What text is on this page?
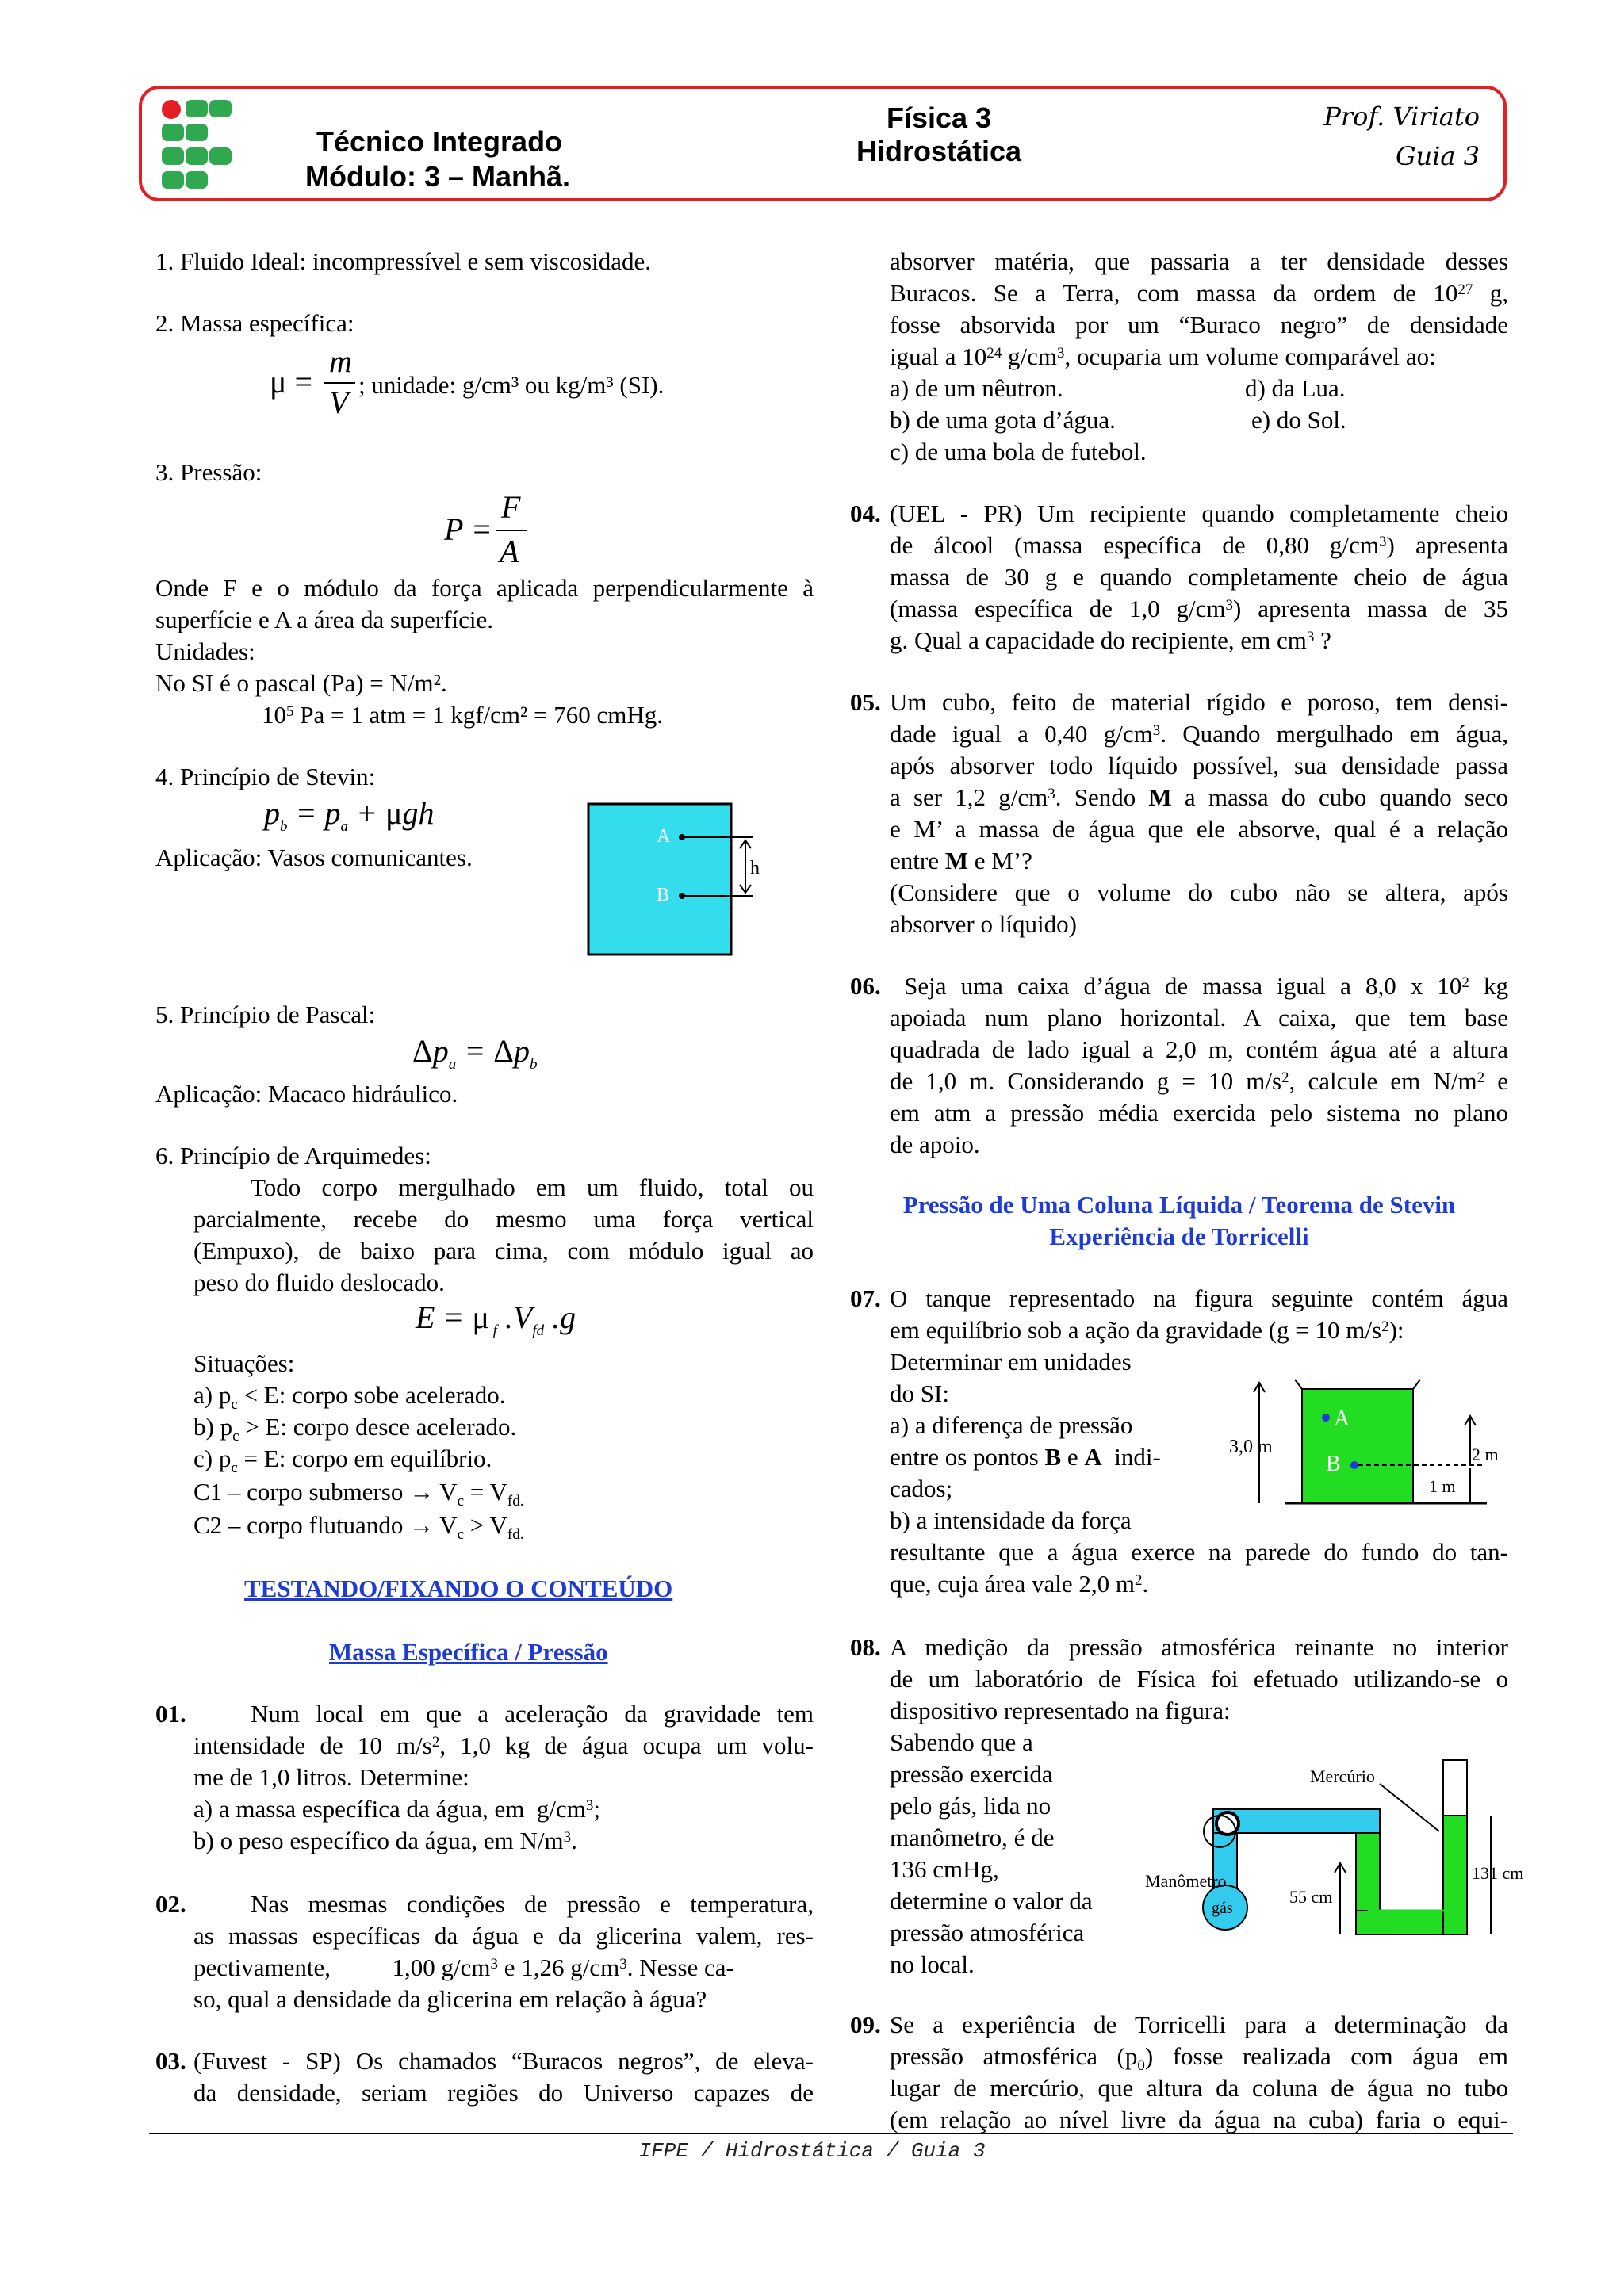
Técnico Integrado
Módulo: 3 – Manhã.
Física 3
Hidrostática
Prof. Viriato
Guia 3
1. Fluido Ideal: incompressível e sem viscosidade.
2. Massa específica:
μ =
m
V ; unidade: g/cm³ ou kg/m³ (SI).
3. Pressão:
P =
F
A
Onde F e o módulo da força aplicada perpendicularmente à
superfície e A a área da superfície.
Unidades:
No SI é o pascal (Pa) = N/m².
$10^5$ Pa = 1 atm = 1 kgf/cm² = 760 cmHg.
4. Princípio de Stevin:
$p_b = p_a + \mu gh$
Aplicação: Vasos comunicantes.
A
B
h
5. Princípio de Pascal:
$\Delta p_a = \Delta p_b$
Aplicação: Macaco hidráulico.
6. Princípio de Arquimedes:
Todo corpo mergulhado em um fluido, total ou
parcialmente, recebe do mesmo uma força vertical
(Empuxo), de baixo para cima, com módulo igual ao
peso do fluido deslocado.
E = μ $_f$ $.V_{fd}$ .g
Situações:
a) $p_c < E$: corpo sobe acelerado.
b) $p_c > E$: corpo desce acelerado.
c) $p_c = E$: corpo em equilíbrio.
C1 – corpo submerso → $V_c = V_{fd.}$
C2 – corpo flutuando → $V_c > V_{fd.}$
TESTANDO/FIXANDO O CONTEÚDO
Massa Específica / Pressão
01.	Num local em que a aceleração da gravidade tem
intensidade de 10 $m/s^2$, 1,0 kg de água ocupa um volu-
me de 1,0 litros. Determine:
a) a massa específica da água, em  $g/cm^3$;
b) o peso específico da água, em $N/m^3$.
02.	Nas mesmas condições de pressão e temperatura,
as massas específicas da água e da glicerina valem, res-
pectivamente,          1,00 $g/cm^3$ e 1,26 $g/cm^3$. Nesse ca-
so, qual a densidade da glicerina em relação à água?
03. (Fuvest - SP) Os chamados “Buracos negros”, de eleva-
da densidade, seriam regiões do Universo capazes de
absorver matéria, que passaria a ter densidade desses
Buracos. Se a Terra, com massa da ordem de $10^{27}$ g,
fosse absorvida por um “Buraco negro” de densidade
igual a $10^{24}$ $g/cm^3$, ocuparia um volume comparável ao:
a) de um nêutron.	d) da Lua.
b) de uma gota d’água.	e) do Sol.
c) de uma bola de futebol.
04. (UEL - PR) Um recipiente quando completamente cheio
de álcool (massa específica de 0,80 $g/cm^3$) apresenta
massa de 30 g e quando completamente cheio de água
(massa específica de 1,0 $g/cm^3$) apresenta massa de 35
g. Qual a capacidade do recipiente, em $cm^3$ ?
05. Um cubo, feito de material rígido e poroso, tem densi-
dade igual a 0,40 $g/cm^3$. Quando mergulhado em água,
após absorver todo líquido possível, sua densidade passa
a ser 1,2 $g/cm^3$. Sendo M a massa do cubo quando seco
e M’ a massa de água que ele absorve, qual é a relação
entre M e M’?
(Considere que o volume do cubo não se altera, após
absorver o líquido)
06. Seja uma caixa d’água de massa igual a 8,0 x $10^2$ kg
apoiada num plano horizontal. A caixa, que tem base
quadrada de lado igual a 2,0 m, contém água até a altura
de 1,0 m. Considerando g = 10 $m/s^2$, calcule em $N/m^2$ e
em atm a pressão média exercida pelo sistema no plano
de apoio.
Pressão de Uma Coluna Líquida / Teorema de Stevin
Experiência de Torricelli
07. O tanque representado na figura seguinte contém água
em equilíbrio sob a ação da gravidade (g = 10 $m/s^2$):
Determinar em unidades
do SI:
a) a diferença de pressão
entre os pontos B e A  indi-
cados;
b) a intensidade da força
resultante que a água exerce na parede do fundo do tan-
que, cuja área vale 2,0 $m^2$.
A
B
3,0 m	2 m
1 m
08. A medição da pressão atmosférica reinante no interior
de um laboratório de Física foi efetuado utilizando-se o
dispositivo representado na figura:
Sabendo que a
pressão exercida
pelo gás, lida no
manômetro, é de
136 cmHg,
determine o valor da
pressão atmosférica
no local.
gás
Manômetro
Mercúrio
131 cm
55 cm
09. Se a experiência de Torricelli para a determinação da
pressão atmosférica $(p_0)$ fosse realizada com água em
lugar de mercúrio, que altura da coluna de água no tubo
(em relação ao nível livre da água na cuba) faria o equi-
IFPE / Hidrostática / Guia 3
